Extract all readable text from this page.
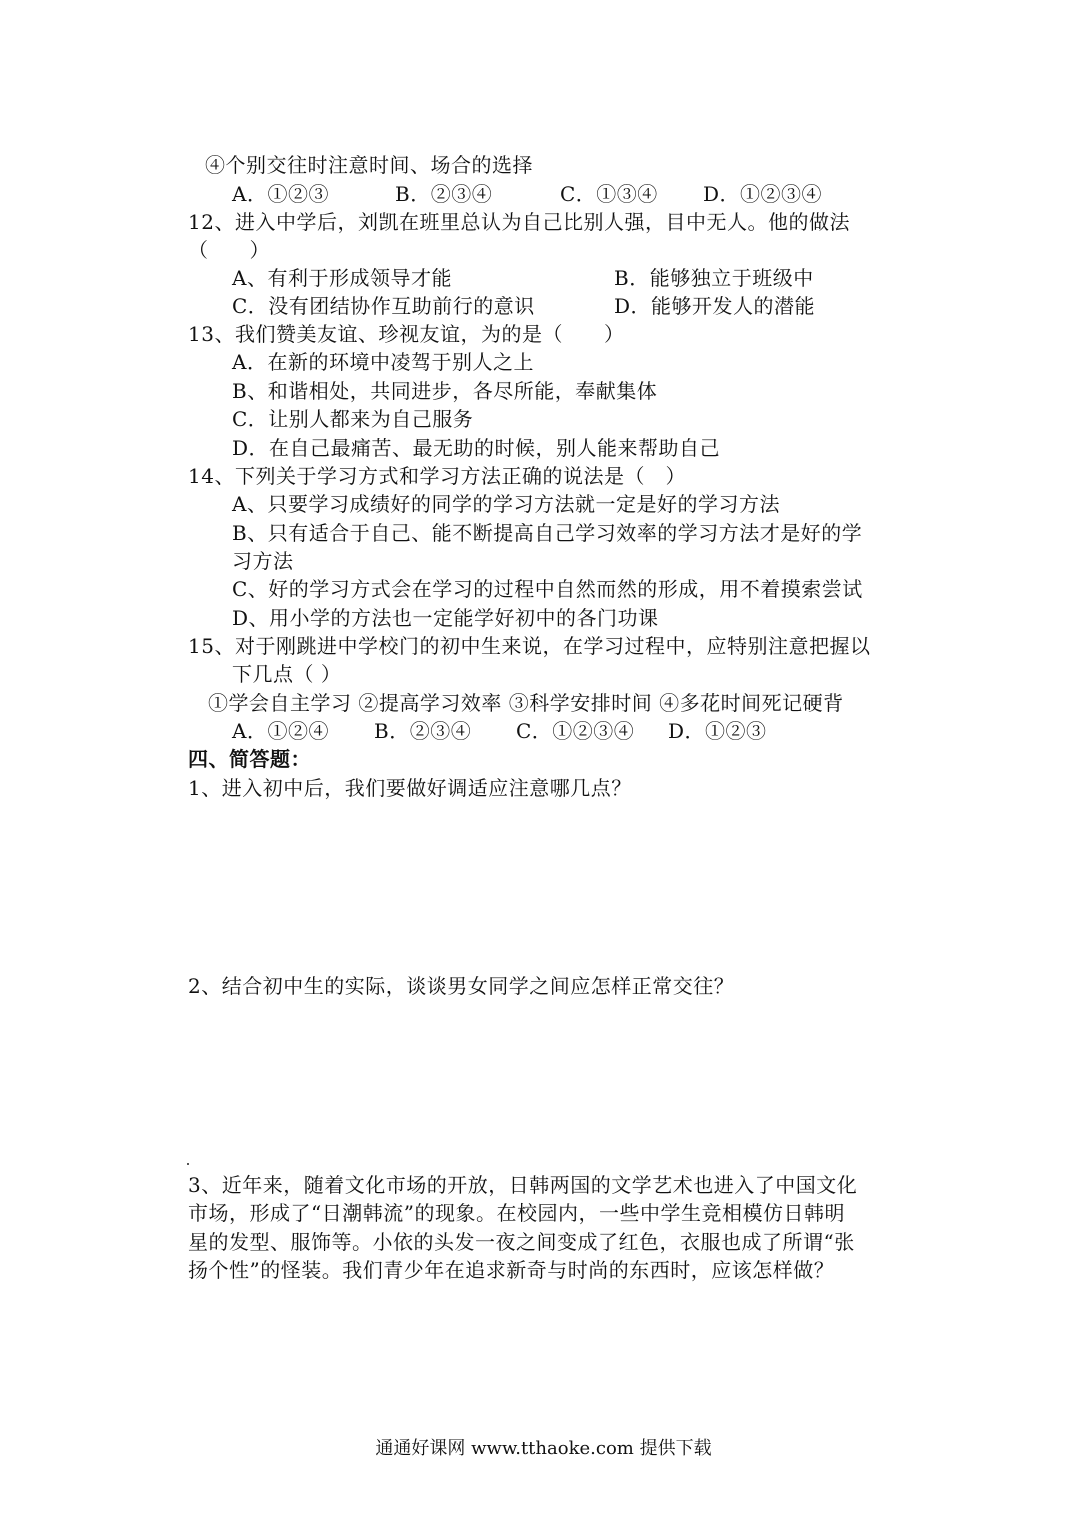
④个别交往时注意时间、场合的选择
A．①②③	B．②③④	C．①③④ D．①②③④
12、进入中学后，刘凯在班里总认为自己比别人强，目中无人。他的做法
（　　）
A、有利于形成领导才能	B．能够独立于班级中
C．没有团结协作互助前行的意识	D．能够开发人的潜能
13、我们赞美友谊、珍视友谊，为的是（　　）
A．在新的环境中凌驾于别人之上
B、和谐相处，共同进步，各尽所能，奉献集体
C．让别人都来为自己服务
D．在自己最痛苦、最无助的时候，别人能来帮助自己
14、下列关于学习方式和学习方法正确的说法是（　）
A、只要学习成绩好的同学的学习方法就一定是好的学习方法
B、只有适合于自己、能不断提高自己学习效率的学习方法才是好的学
习方法
C、好的学习方式会在学习的过程中自然而然的形成，用不着摸索尝试
D、用小学的方法也一定能学好初中的各门功课
15、对于刚跳进中学校门的初中生来说，在学习过程中，应特别注意把握以
下几点（ ）
①学会自主学习 ②提高学习效率 ③科学安排时间 ④多花时间死记硬背
A．①②④ B．②③④ C．①②③④ D．①②③
四、简答题：
1、进入初中后，我们要做好调适应注意哪几点？
2、结合初中生的实际，谈谈男女同学之间应怎样正常交往？
3、近年来，随着文化市场的开放，日韩两国的文学艺术也进入了中国文化
市场，形成了“日潮韩流”的现象。在校园内，一些中学生竞相模仿日韩明
星的发型、服饰等。小依的头发一夜之间变成了红色，衣服也成了所谓“张
扬个性”的怪装。我们青少年在追求新奇与时尚的东西时，应该怎样做？
通通好课网 www.tthaoke.com 提供下载
